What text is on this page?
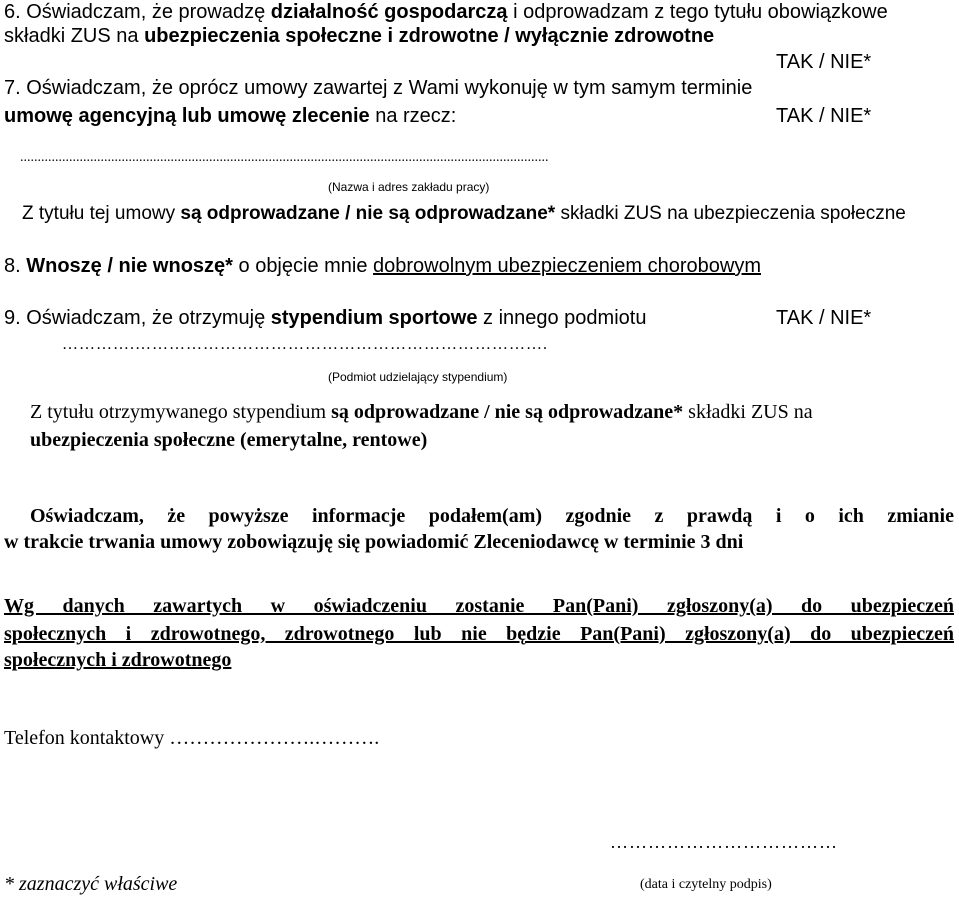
6. Oświadczam, że prowadzę działalność gospodarczą i odprowadzam z tego tytułu obowiązkowe
składki ZUS na ubezpieczenia społeczne i zdrowotne / wyłącznie zdrowotne
TAK / NIE*
7. Oświadczam, że oprócz umowy zawartej z Wami wykonuję w tym samym terminie
umowę agencyjną lub umowę zlecenie na rzecz:	TAK / NIE*
.......................................................................................................................................................
(Nazwa i adres zakładu pracy)
Z tytułu tej umowy są odprowadzane / nie są odprowadzane* składki ZUS na ubezpieczenia społeczne
8. Wnoszę / nie wnoszę* o objęcie mnie dobrowolnym ubezpieczeniem chorobowym
9. Oświadczam, że otrzymuję stypendium sportowe z innego podmiotu	TAK / NIE*
………….……………………………………………………………….
(Podmiot udzielający stypendium)
Z tytułu otrzymywanego stypendium są odprowadzane / nie są odprowadzane* składki ZUS na
ubezpieczenia społeczne (emerytalne, rentowe)
Oświadczam, że powyższe informacje podałem(am) zgodnie z prawdą i o ich zmianie
w trakcie trwania umowy zobowiązuję się powiadomić Zleceniodawcę w terminie 3 dni
Wg danych zawartych w oświadczeniu zostanie Pan(Pani) zgłoszony(a) do ubezpieczeń
społecznych i zdrowotnego, zdrowotnego lub nie będzie Pan(Pani) zgłoszony(a) do ubezpieczeń
społecznych i zdrowotnego
Telefon kontaktowy ………………….……….
………………………………
(data i czytelny podpis)
* zaznaczyć właściwe
